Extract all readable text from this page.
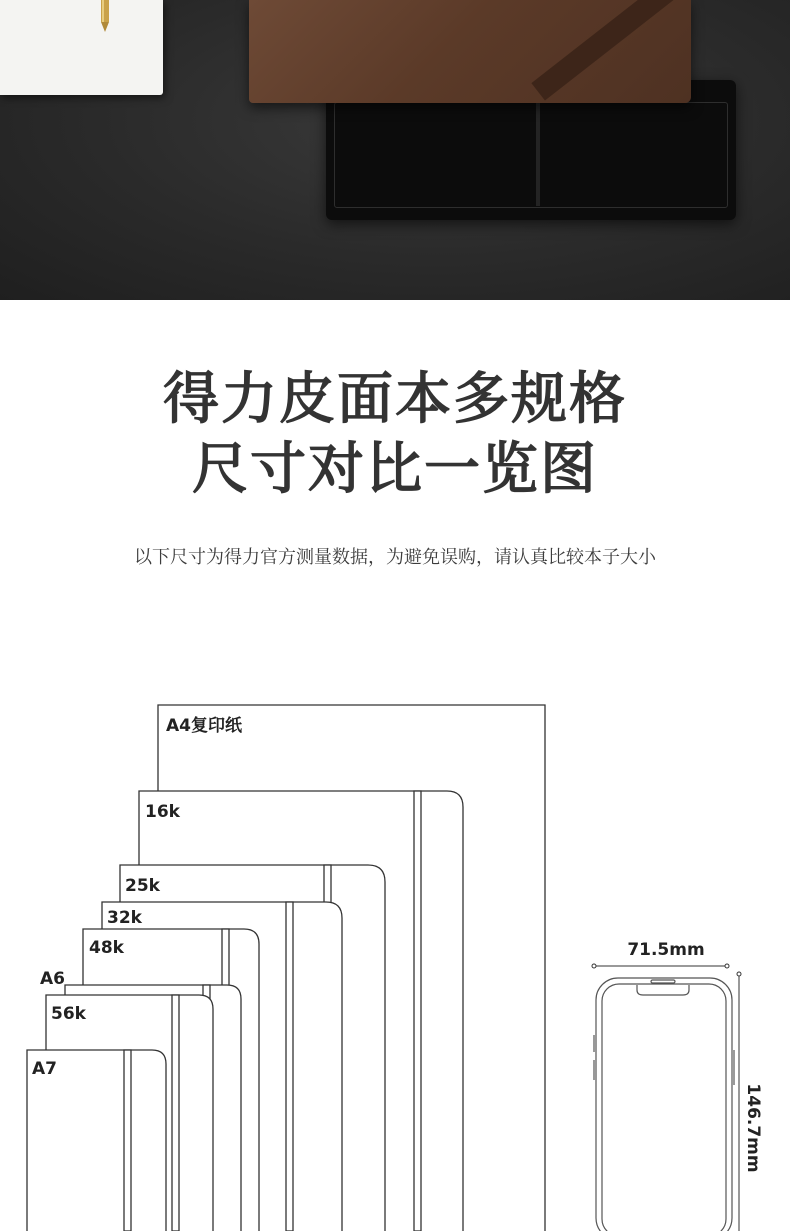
得力皮面本多规格
尺寸对比一览图
以下尺寸为得力官方测量数据，为避免误购，请认真比较本子大小
A4复印纸
16k
25k
32k
48k
A6
56k
A7
71.5mm
146.7mm
